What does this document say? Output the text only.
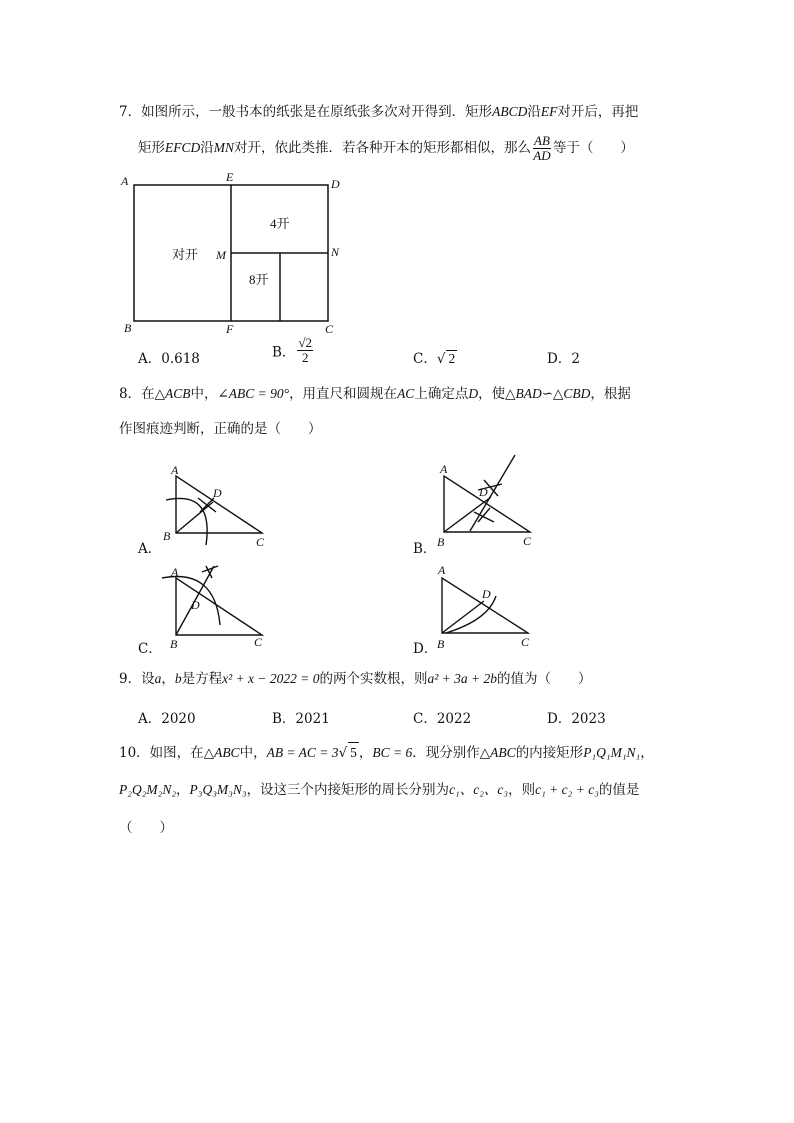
7．如图所示，一般书本的纸张是在原纸张多次对开得到．矩形ABCD沿EF对开后，再把
矩形EFCD沿MN对开，依此类推．若各种开本的矩形都相似，那么 $\frac{AB}{AD}$ 等于（　　）
A	E	D
M	N
B	F	C
对开
4开
8开
A．0.618	B． $\frac{√2}{2}$	C．√ 2	D．2
8．在△ACB中，∠ABC = 90°，用直尺和圆规在AC上确定点D，使△BAD∽△CBD，根据
作图痕迹判断，正确的是（　　）
A
D
B	C
A
D
B	C
A
D
B	C
A
D
B	C
A．	B．
C．	D．
9．设a，b是方程x² + x − 2022 = 0的两个实数根，则a² + 3a + 2b的值为（　　）
A．2020	B．2021	C．2022	D．2023
10．如图，在△ABC中，AB = AC = 3√ 5 ，BC = 6．现分别作△ABC的内接矩形P₁Q₁M₁N₁，
P₂Q₂M₂N₂，P₃Q₃M₃N₃，设这三个内接矩形的周长分别为c₁、c₂、c₃，则c₁ + c₂ + c₃的值是
（　　）
